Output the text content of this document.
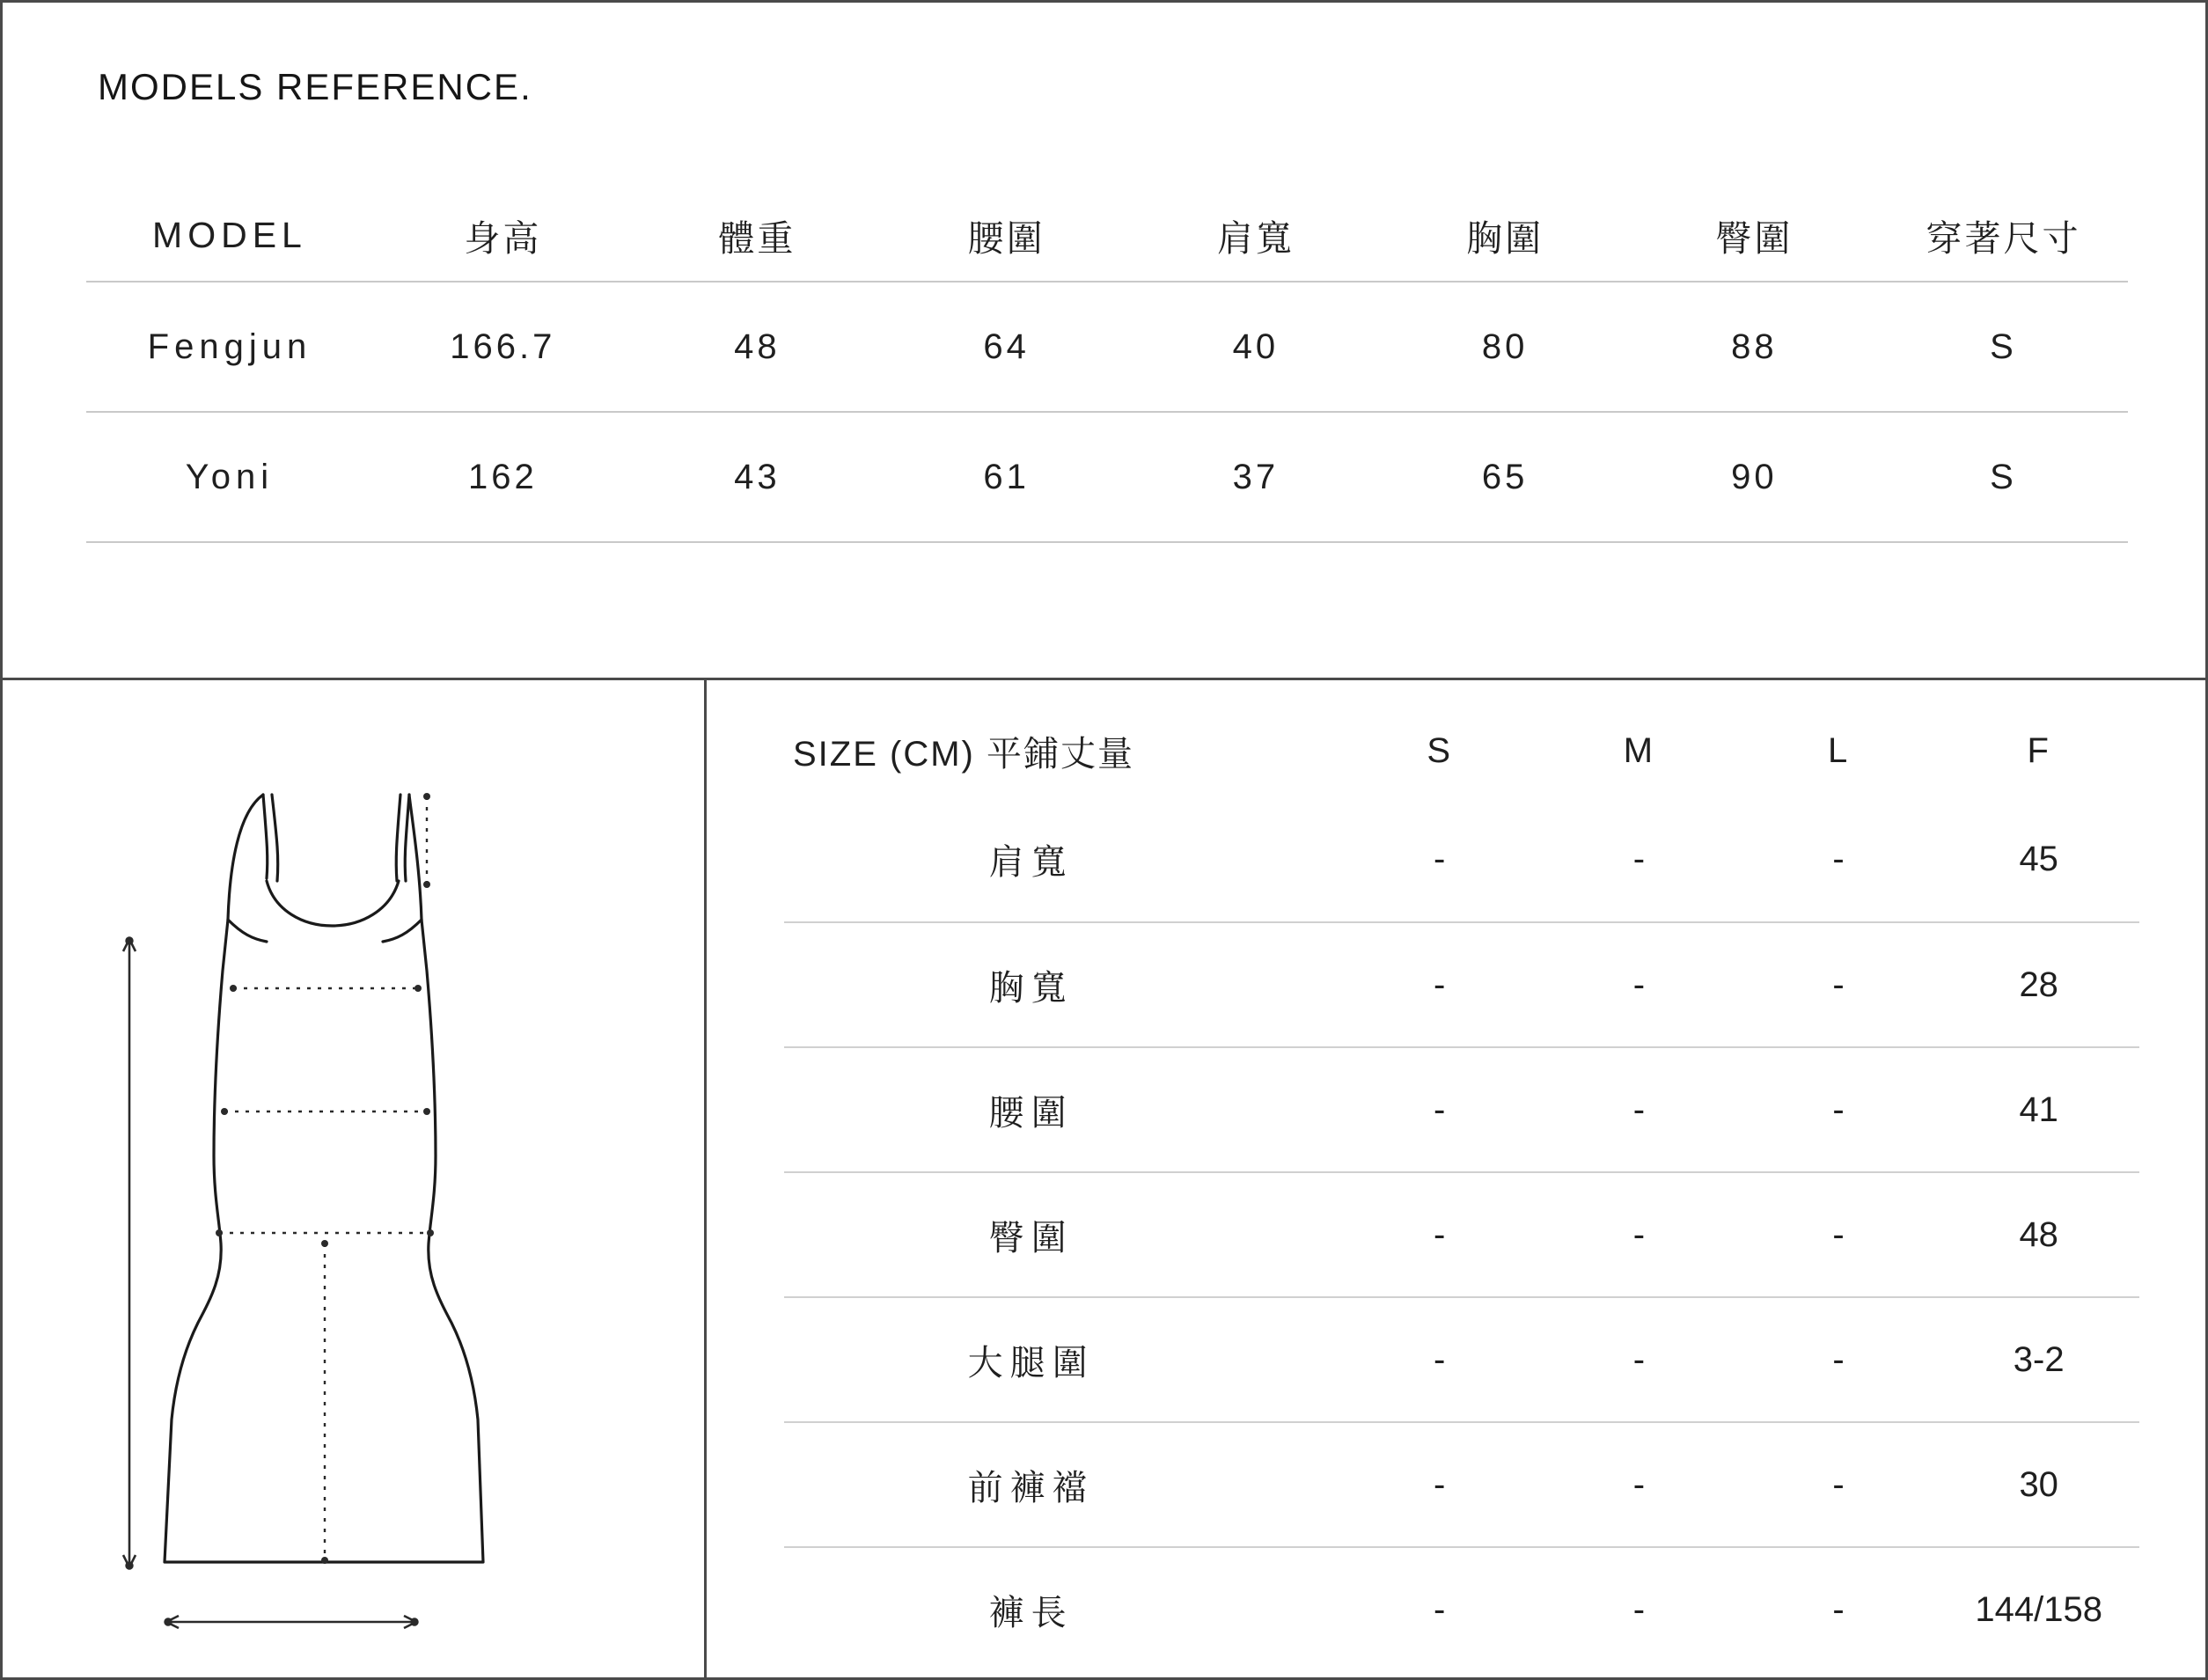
MODELS REFERENCE.
MODEL	身高	體重	腰圍	肩寬	胸圍	臀圍	穿著尺寸
Fengjun	166.7	48	64	40	80	88	S
Yoni	162	43	61	37	65	90	S
SIZE (CM) 平鋪丈量	S	M	L	F
肩寬	-	-	-	45
胸寬	-	-	-	28
腰圍	-	-	-	41
臀圍	-	-	-	48
大腿圍	-	-	-	3-2
前褲襠	-	-	-	30
褲長	-	-	-	144/158
